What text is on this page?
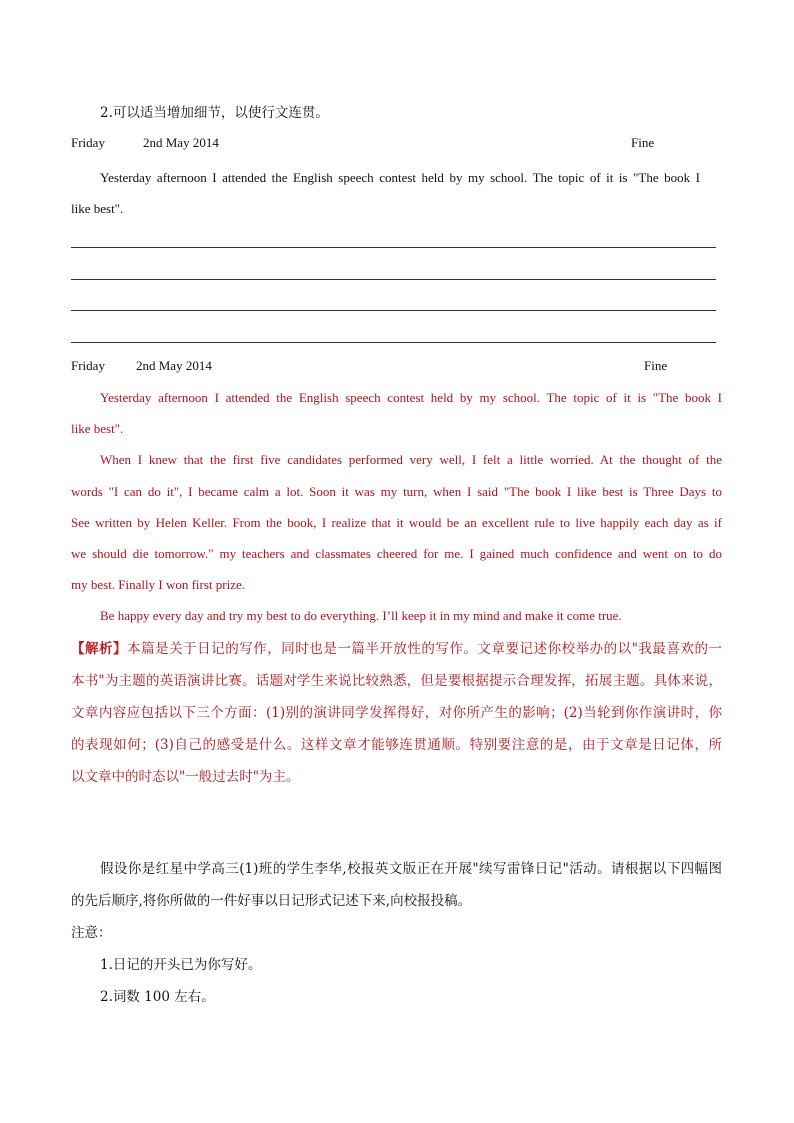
2.可以适当增加细节，以使行文连贯。
Friday	2nd May 2014	Fine
Yesterday afternoon I attended the English speech contest held by my school. The topic of it is "The book I
like best".
Friday 2nd May 2014	Fine
Yesterday afternoon I attended the English speech contest held by my school. The topic of it is "The book I
like best".
When I knew that the first five candidates performed very well, I felt a little worried. At the thought of the
words "I can do it", I became calm a lot. Soon it was my turn, when I said "The book I like best is Three Days to
See written by Helen Keller. From the book, I realize that it would be an excellent rule to live happily each day as if
we should die tomorrow." my teachers and classmates cheered for me. I gained much confidence and went on to do
my best. Finally I won first prize.
Be happy every day and try my best to do everything. I’ll keep it in my mind and make it come true.
【解析】本篇是关于日记的写作，同时也是一篇半开放性的写作。文章要记述你校举办的以"我最喜欢的一
本书"为主题的英语演讲比赛。话题对学生来说比较熟悉，但是要根据提示合理发挥，拓展主题。具体来说，
文章内容应包括以下三个方面：(1)别的演讲同学发挥得好，对你所产生的影响；(2)当轮到你作演讲时，你
的表现如何；(3)自己的感受是什么。这样文章才能够连贯通顺。特别要注意的是，由于文章是日记体，所
以文章中的时态以"一般过去时"为主。
假设你是红星中学高三(1)班的学生李华,校报英文版正在开展"续写雷锋日记"活动。请根据以下四幅图
的先后顺序,将你所做的一件好事以日记形式记述下来,向校报投稿。
注意：
1.日记的开头已为你写好。
2.词数 100 左右。
